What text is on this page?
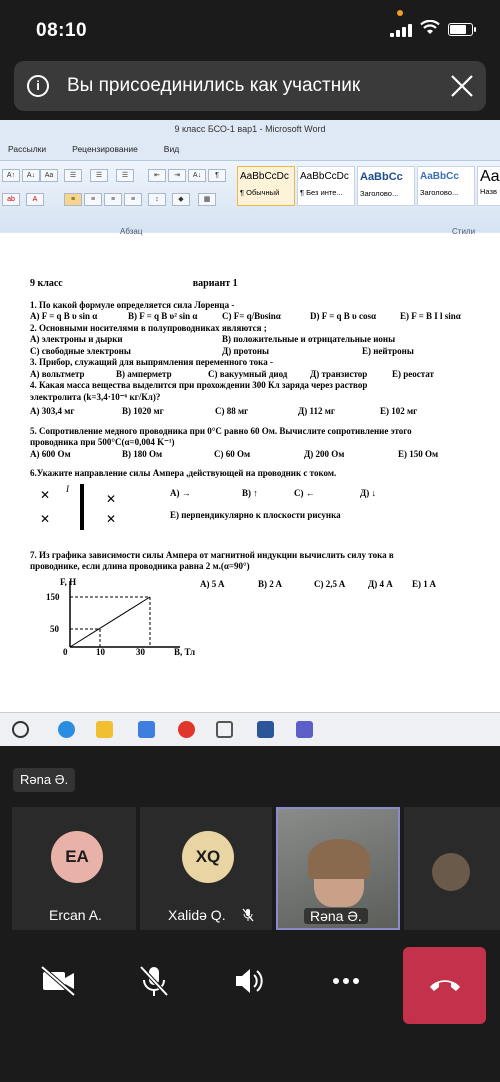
08:10
i	Вы присоединились как участник
9 класс БСО-1 вар1 - Microsoft Word
Рассылки	Рецензирование	Вид
A↑	A↓	Aa
ab	A
☰	☰	☰	⇤	⇥	A↓	¶
≡	≡	≡	≡	↕	◆	▦
Абзац	Стили
AaBbCcDc
¶ Обычный
AaBbCcDc
¶ Без инте...
AaBbCс
Заголово...
AaBbCc
Заголово...
Aa
Назв
9 класс	вариант 1

1. По какой формуле определяется сила Лоренца -

A) F = q B υ sin α	B) F = q B υ² sin α	C) F= q/Bυsinα	D) F = q B υ cosα	E) F = B I l sinα

2. Основными носителями в полупроводниках являются ;

A) электроны и дырки	B) положительные и отрицательные ионы
C) свободные электроны	Д) протоны	E) нейтроны

3. Прибор, служащий для выпрямления переменного тока -

A) вольтметр	B) амперметр	C) вакуумный диод	Д) транзистор	E) реостат

4. Какая масса вещества выделится при прохождении 300 Кл заряда через раствор

электролита (k=3,4·10⁻⁶ кг/Кл)?

A) 303,4 мг	B) 1020 мг	C) 88 мг	Д) 112 мг	E) 102 мг

5. Сопротивление медного проводника при 0°C равно 60 Ом. Вычислите сопротивление этого

проводника при 500°C(α=0,004 K⁻¹)

A) 600 Ом	B) 180 Ом	C) 60 Ом	Д) 200 Ом	E) 150 Ом

6.Укажите направление силы Ампера ,действующей на проводник с током.

✕
✕
✕
✕
I	A) →	B) ↑	C) ←	Д) ↓
E) перпендикулярно к плоскости рисунка

7. Из графика зависимости силы Ампера от магнитной индукции вычислить силу тока в

проводнике, если длина проводника равна 2 м.(α=90°)

A) 5 A	B) 2 A	C) 2,5 A	Д) 4 A	E) 1 A
F, H
150
50
0	10	30	B, Тл
Rəna Ə.
EA
Ercan A.
XQ
Xalidə Q.	Rəna Ə.
